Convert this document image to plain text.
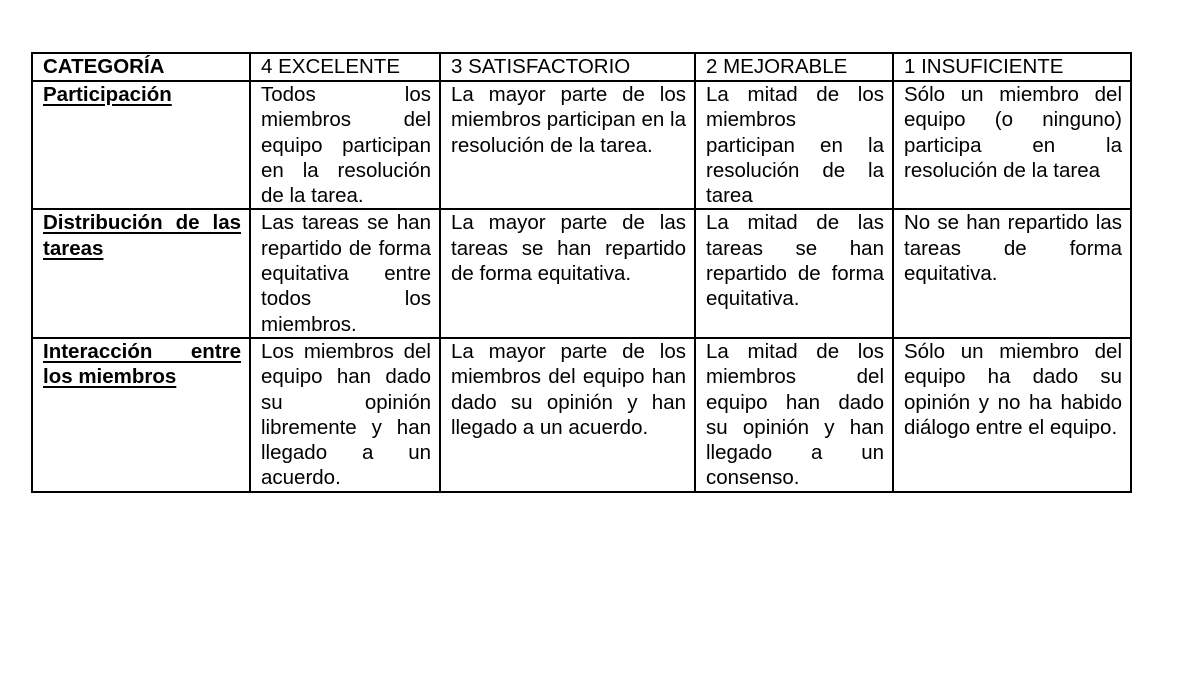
CATEGORÍA	4 EXCELENTE	3 SATISFACTORIO	2 MEJORABLE	1 INSUFICIENTE
Participación	Todos los miembros del equipo participan en la resolución de la tarea.	La mayor parte de los miembros participan en la resolución de la tarea.	La mitad de los miembros participan en la resolución de la tarea	Sólo un miembro del equipo (o ninguno) participa en la resolución de la tarea
Distribución de las tareas	Las tareas se han repartido de forma equitativa entre todos los miembros.	La mayor parte de las tareas se han repartido de forma equitativa.	La mitad de las tareas se han repartido de forma equitativa.	No se han repartido las tareas de forma equitativa.
Interacción entre los miembros	Los miembros del equipo han dado su opinión libremente y han llegado a un acuerdo.	La mayor parte de los miembros del equipo han dado su opinión y han llegado a un acuerdo.	La mitad de los miembros del equipo han dado su opinión y han llegado a un consenso.	Sólo un miembro del equipo ha dado su opinión y no ha habido diálogo entre el equipo.
